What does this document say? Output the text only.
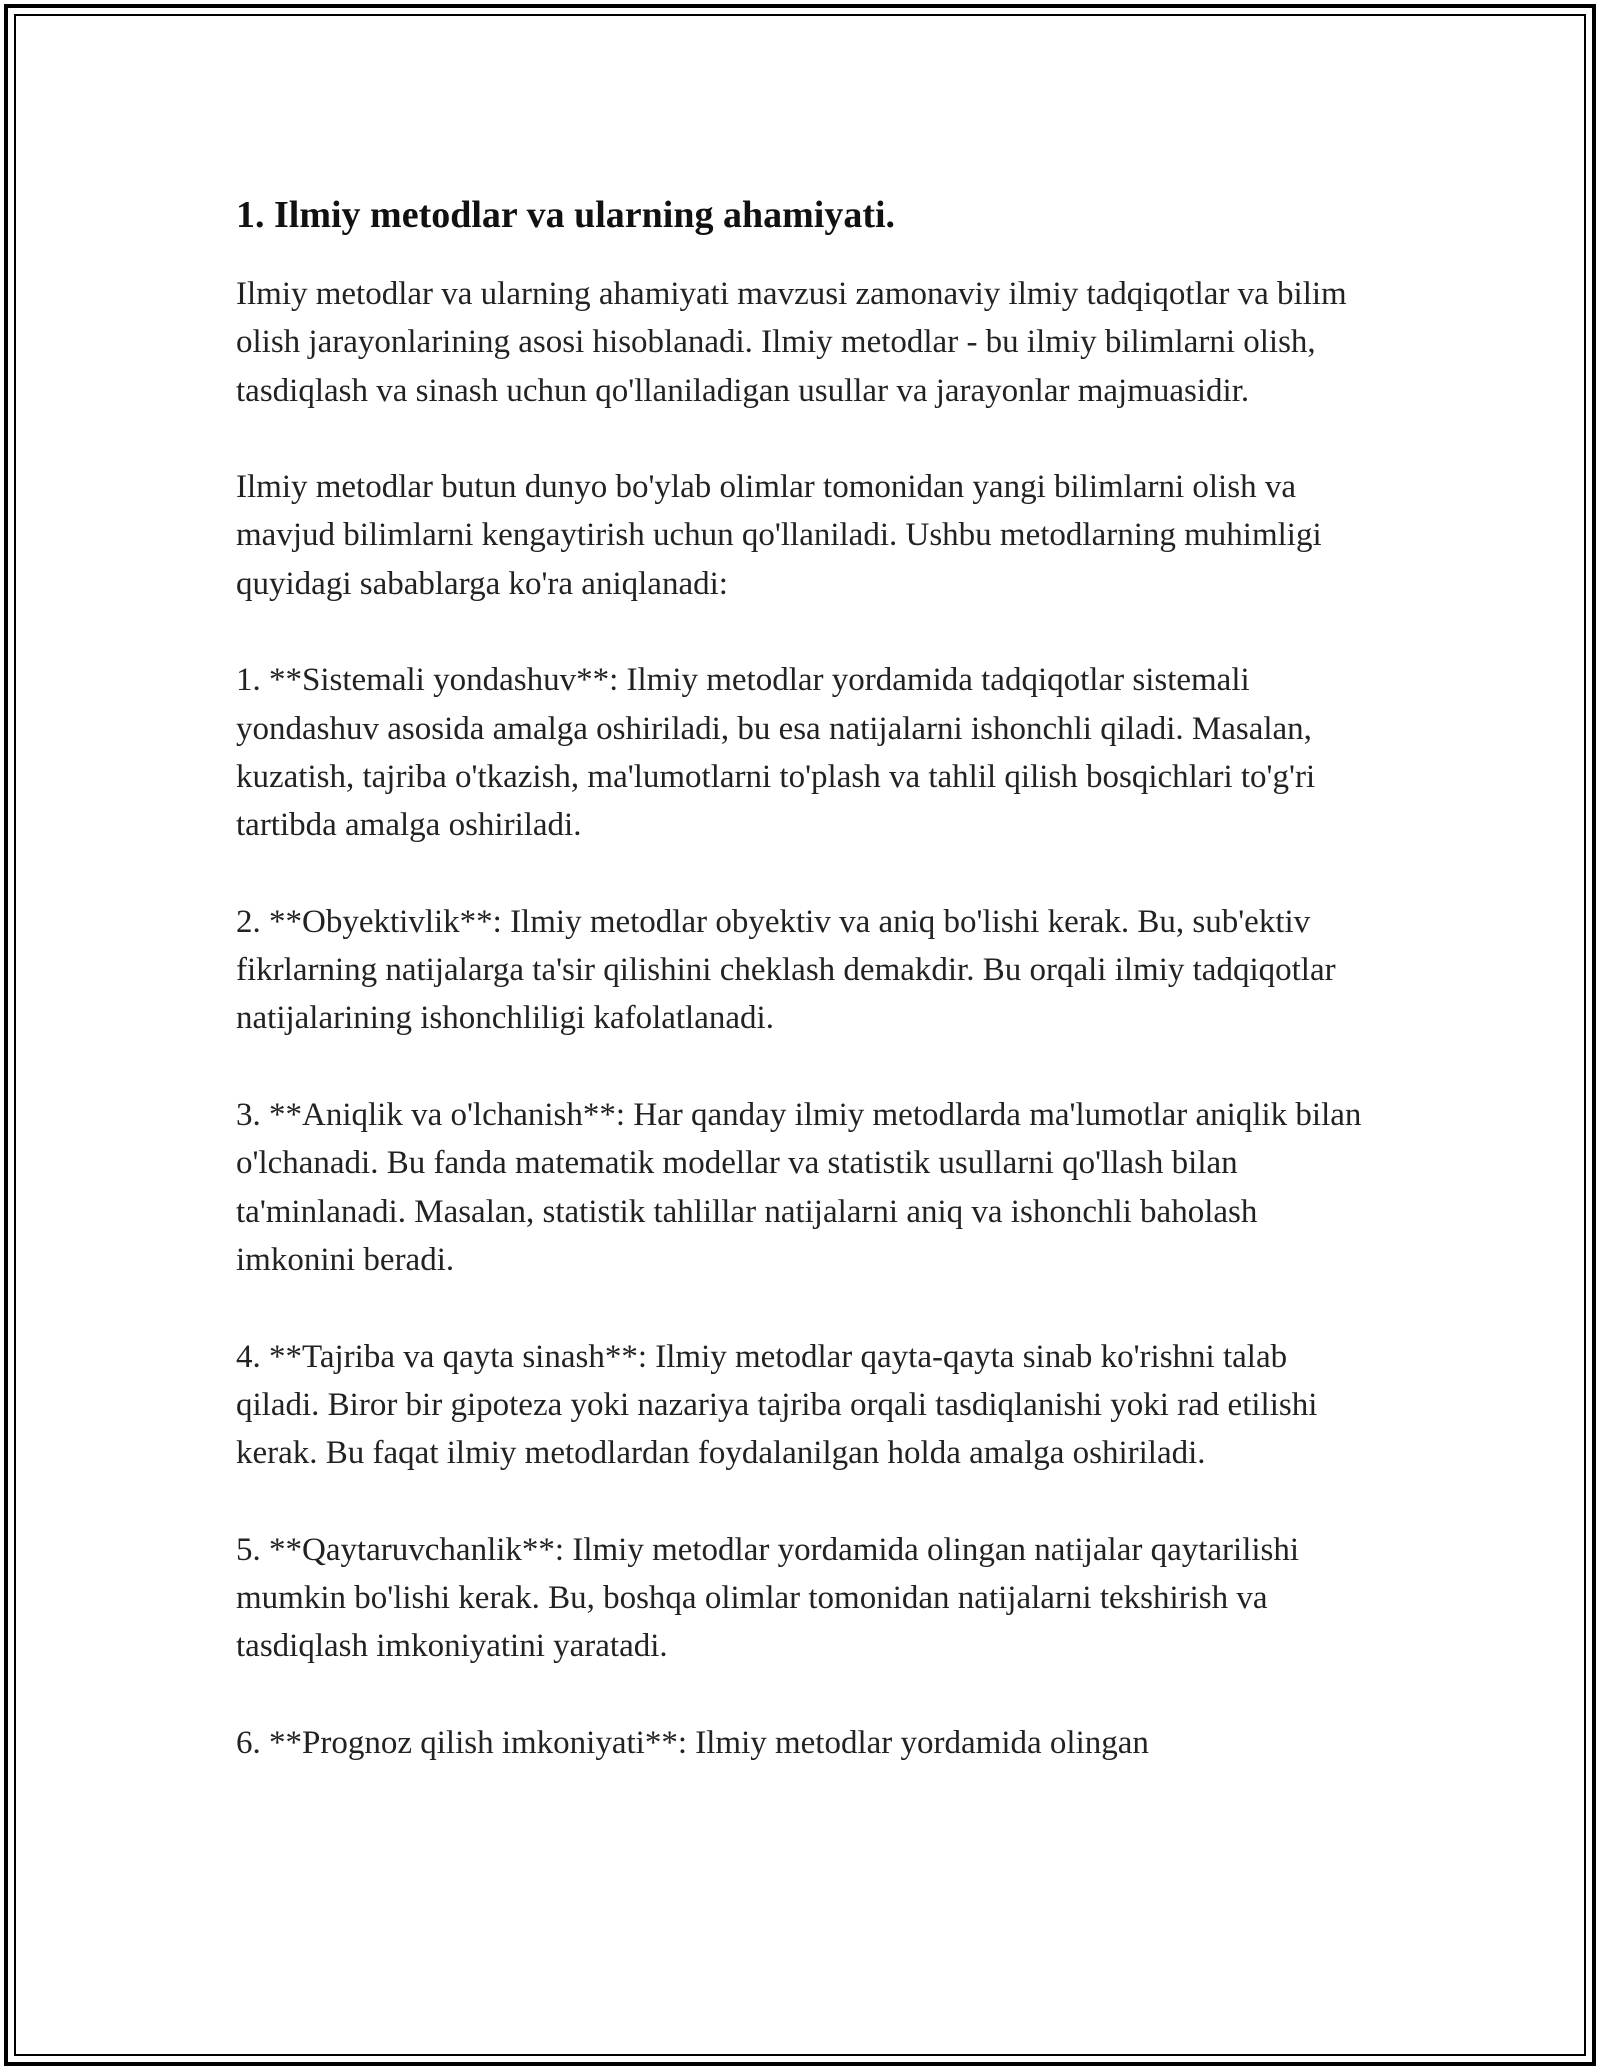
1. Ilmiy metodlar va ularning ahamiyati.

Ilmiy metodlar va ularning ahamiyati mavzusi zamonaviy ilmiy tadqiqotlar va bilim olish jarayonlarining asosi hisoblanadi. Ilmiy metodlar - bu ilmiy bilimlarni olish, tasdiqlash va sinash uchun qo'llaniladigan usullar va jarayonlar majmuasidir.

Ilmiy metodlar butun dunyo bo'ylab olimlar tomonidan yangi bilimlarni olish va mavjud bilimlarni kengaytirish uchun qo'llaniladi. Ushbu metodlarning muhimligi quyidagi sabablarga ko'ra aniqlanadi:

1. **Sistemali yondashuv**: Ilmiy metodlar yordamida tadqiqotlar sistemali yondashuv asosida amalga oshiriladi, bu esa natijalarni ishonchli qiladi. Masalan, kuzatish, tajriba o'tkazish, ma'lumotlarni to'plash va tahlil qilish bosqichlari to'g'ri tartibda amalga oshiriladi.

2. **Obyektivlik**: Ilmiy metodlar obyektiv va aniq bo'lishi kerak. Bu, sub'ektiv fikrlarning natijalarga ta'sir qilishini cheklash demakdir. Bu orqali ilmiy tadqiqotlar natijalarining ishonchliligi kafolatlanadi.

3. **Aniqlik va o'lchanish**: Har qanday ilmiy metodlarda ma'lumotlar aniqlik bilan o'lchanadi. Bu fanda matematik modellar va statistik usullarni qo'llash bilan ta'minlanadi. Masalan, statistik tahlillar natijalarni aniq va ishonchli baholash imkonini beradi.

4. **Tajriba va qayta sinash**: Ilmiy metodlar qayta-qayta sinab ko'rishni talab qiladi. Biror bir gipoteza yoki nazariya tajriba orqali tasdiqlanishi yoki rad etilishi kerak. Bu faqat ilmiy metodlardan foydalanilgan holda amalga oshiriladi.

5. **Qaytaruvchanlik**: Ilmiy metodlar yordamida olingan natijalar qaytarilishi mumkin bo'lishi kerak. Bu, boshqa olimlar tomonidan natijalarni tekshirish va tasdiqlash imkoniyatini yaratadi.

6. **Prognoz qilish imkoniyati**: Ilmiy metodlar yordamida olingan
